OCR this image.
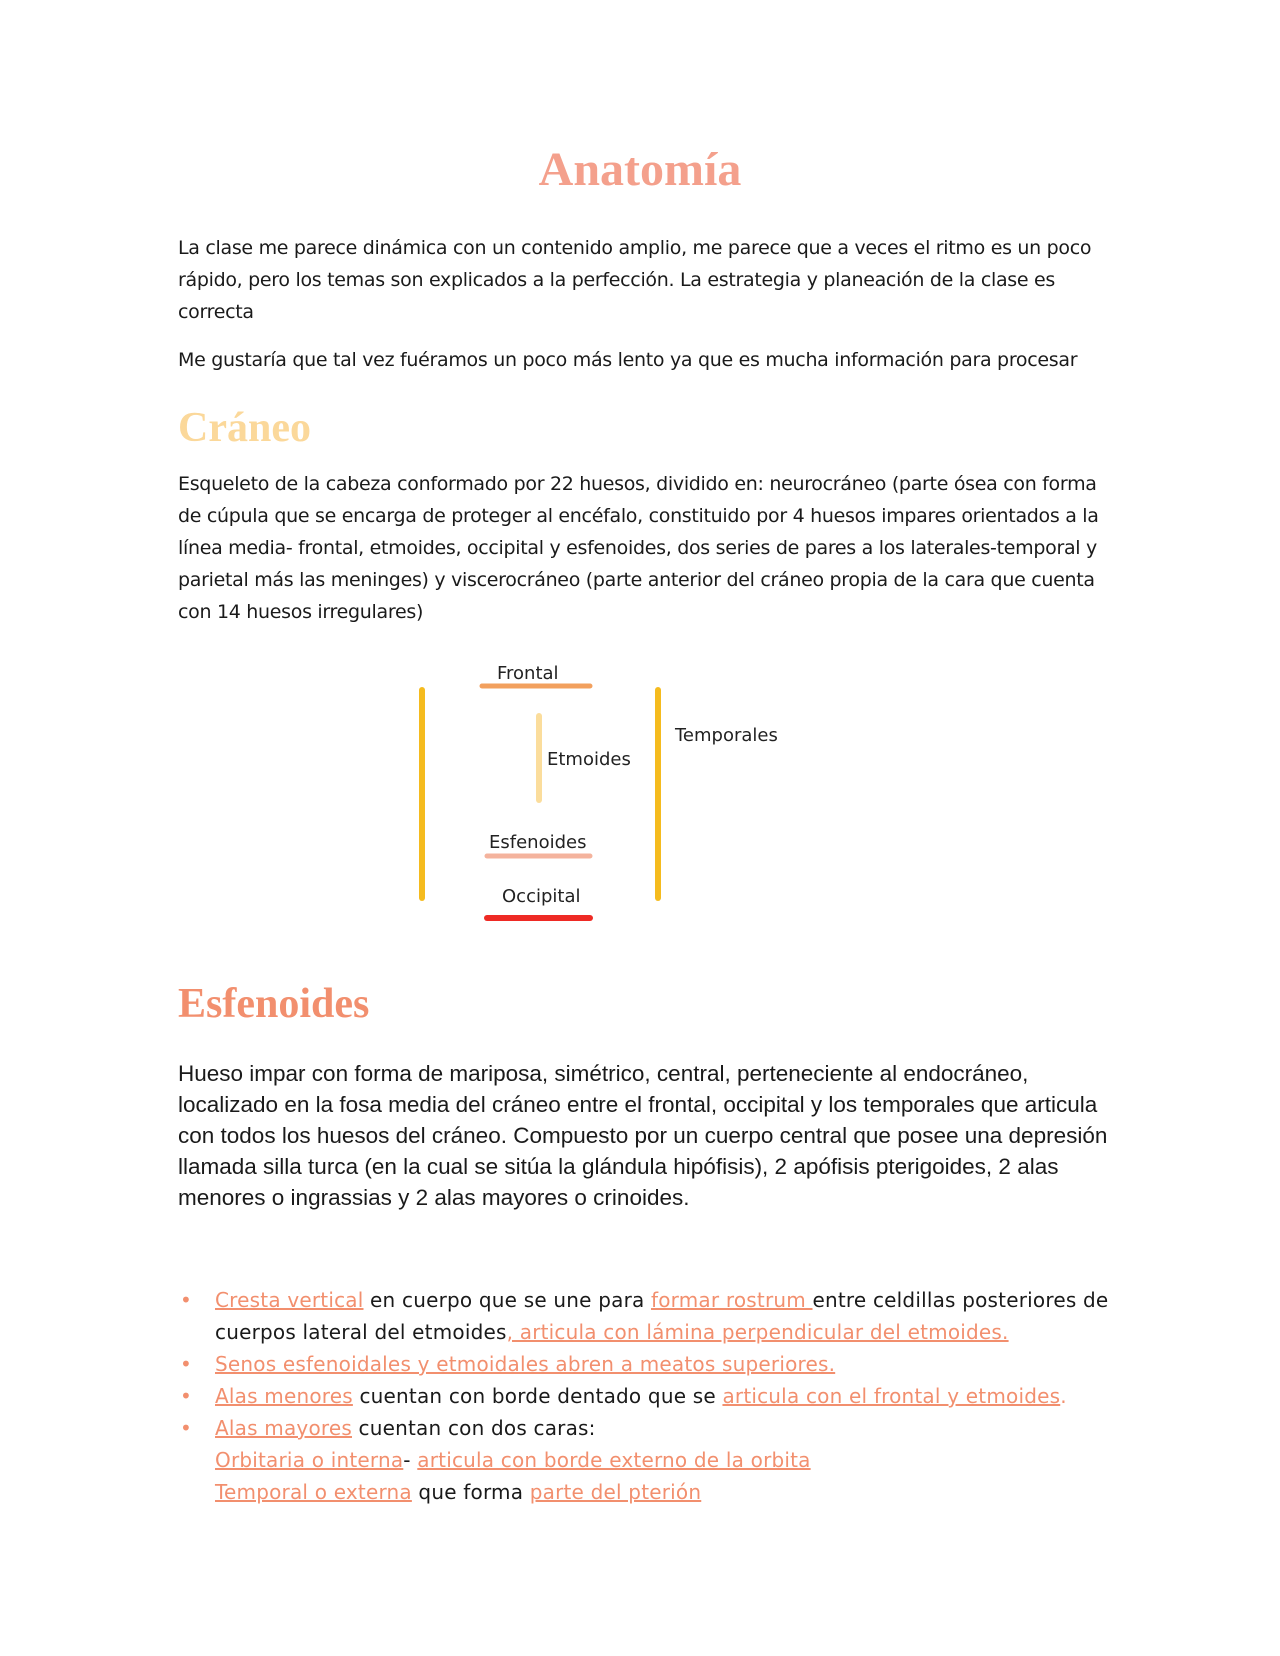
Anatomía

La clase me parece dinámica con un contenido amplio, me parece que a veces el ritmo es un poco rápido, pero los temas son explicados a la perfección. La estrategia y planeación de la clase es correcta

Me gustaría que tal vez fuéramos un poco más lento ya que es mucha información para procesar

Cráneo

Esqueleto de la cabeza conformado por 22 huesos, dividido en: neurocráneo (parte ósea con forma de cúpula que se encarga de proteger al encéfalo, constituido por 4 huesos impares orientados a la línea media- frontal, etmoides, occipital y esfenoides, dos series de pares a los laterales-temporal y parietal más las meninges) y viscerocráneo (parte anterior del cráneo propia de la cara que cuenta con 14 huesos irregulares)

Frontal
Etmoides
Temporales
Esfenoides
Occipital
Esfenoides

Hueso impar con forma de mariposa, simétrico, central, perteneciente al endocráneo, localizado en la fosa media del cráneo entre el frontal, occipital y los temporales que articula con todos los huesos del cráneo. Compuesto por un cuerpo central que posee una depresión llamada silla turca (en la cual se sitúa la glándula hipófisis), 2 apófisis pterigoides, 2 alas menores o ingrassias y 2 alas mayores o crinoides.

• Cresta vertical en cuerpo que se une para formar rostrum entre celdillas posteriores de cuerpos lateral del etmoides, articula con lámina perpendicular del etmoides.
• Senos esfenoidales y etmoidales abren a meatos superiores.
• Alas menores cuentan con borde dentado que se articula con el frontal y etmoides.
• Alas mayores cuentan con dos caras:
Orbitaria o interna- articula con borde externo de la orbita
Temporal o externa que forma parte del pterión
